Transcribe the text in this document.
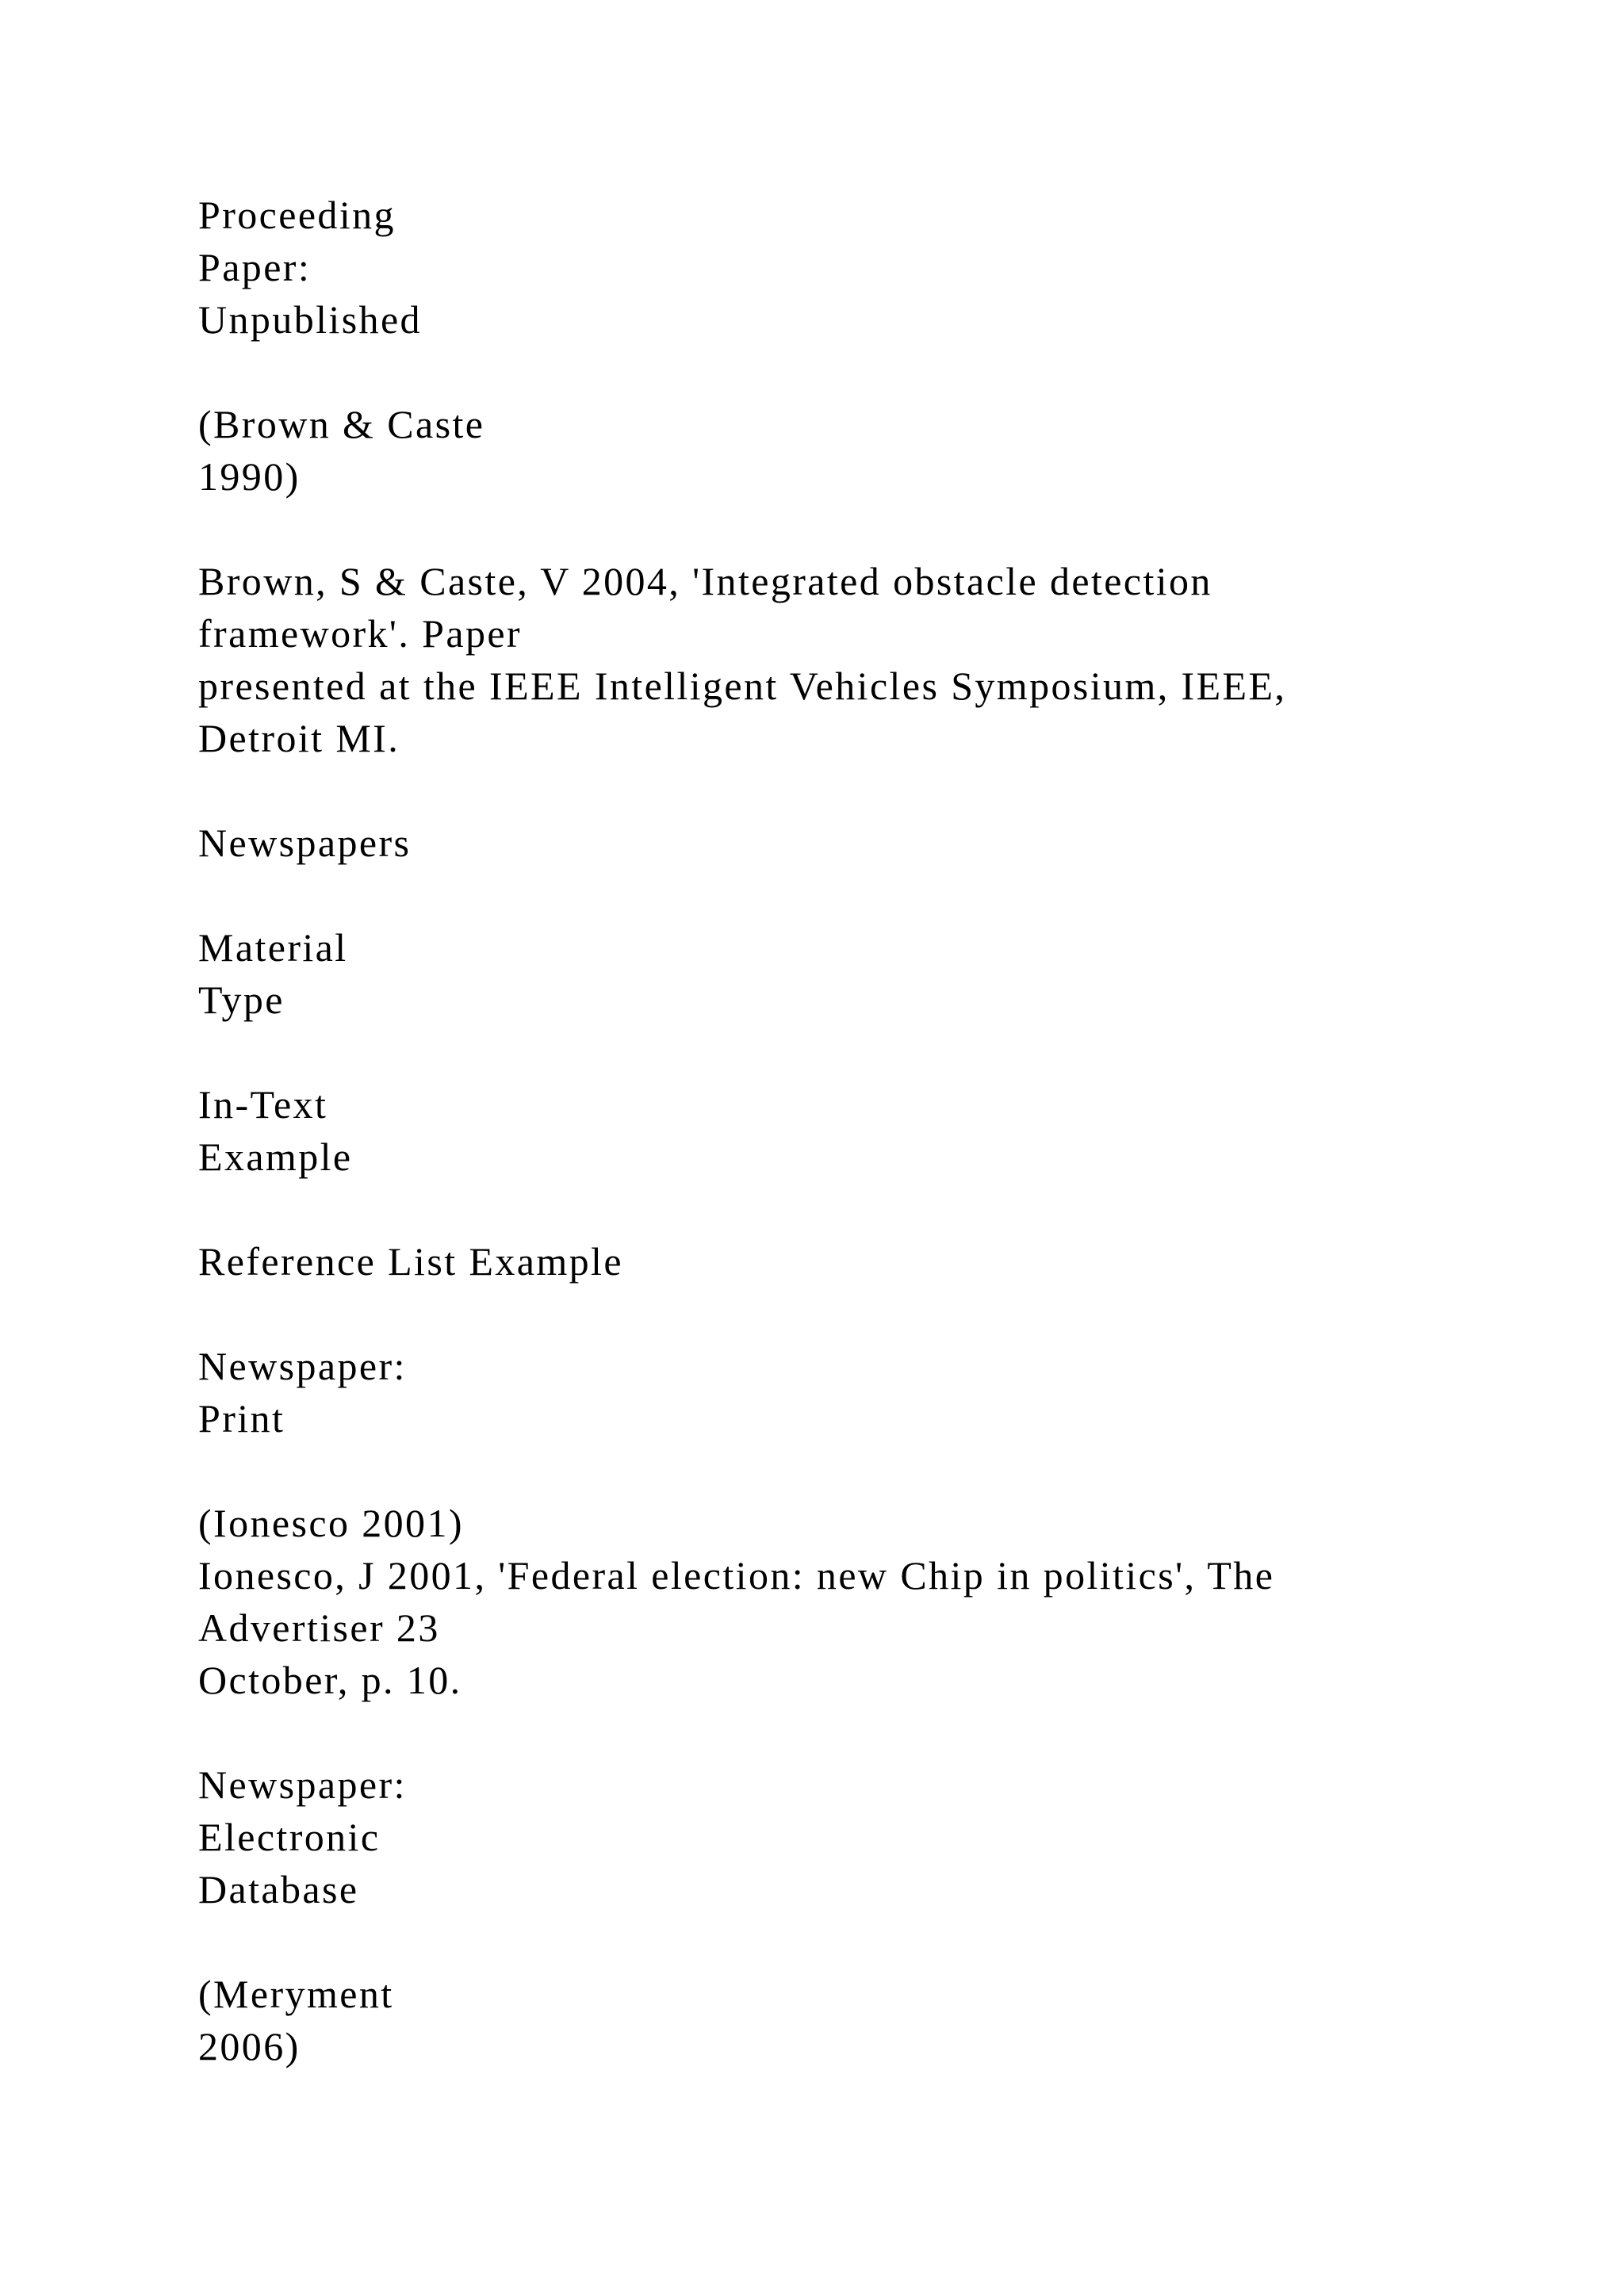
Proceeding
Paper:
Unpublished
(Brown & Caste
1990)
Brown, S & Caste, V 2004, 'Integrated obstacle detection
framework'. Paper
presented at the IEEE Intelligent Vehicles Symposium, IEEE,
Detroit MI.
Newspapers
Material
Type
In-Text
Example
Reference List Example
Newspaper:
Print
(Ionesco 2001)
Ionesco, J 2001, 'Federal election: new Chip in politics', The
Advertiser 23
October, p. 10.
Newspaper:
Electronic
Database
(Meryment
2006)
